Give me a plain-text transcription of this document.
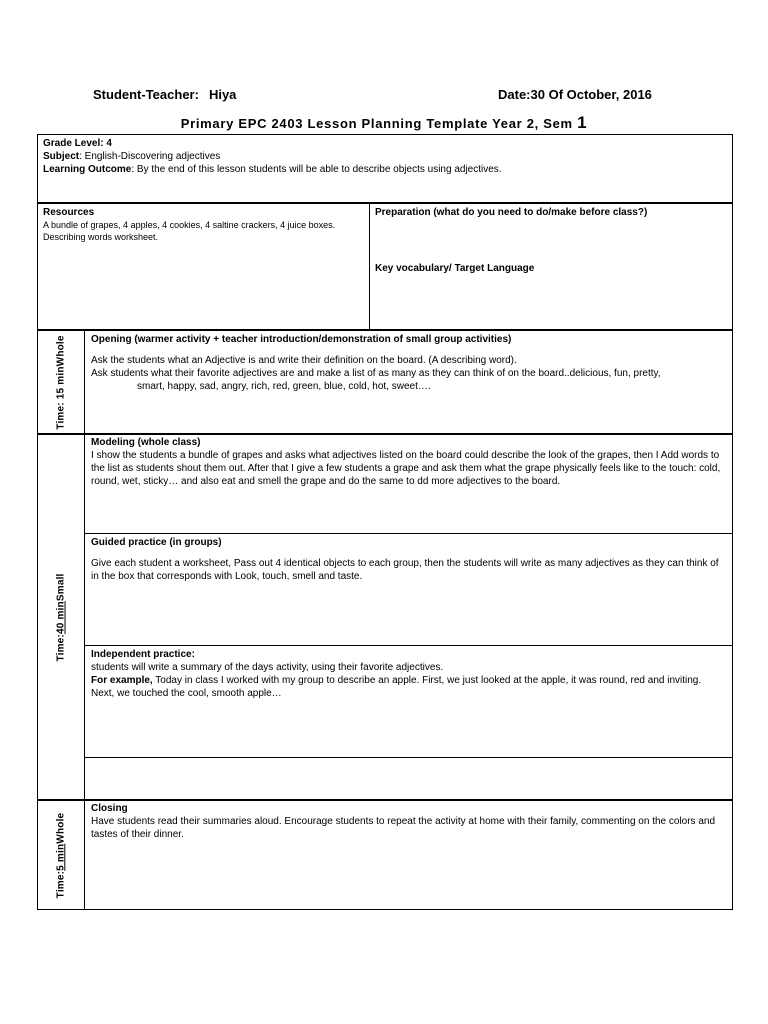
Student-Teacher: Hiya	Date:30 Of October, 2016
Primary EPC 2403 Lesson Planning Template Year 2, Sem 1
Grade Level: 4
Subject: English-Discovering adjectives
Learning Outcome: By the end of this lesson students will be able to describe objects using adjectives.
Resources
A bundle of grapes, 4 apples, 4 cookies, 4 saltine crackers, 4 juice boxes.
Describing words worksheet.
Preparation (what do you need to do/make before class?)
Key vocabulary/ Target Language
Time: 15 minWhole Opening (warmer activity + teacher introduction/demonstration of small group activities)
Ask the students what an Adjective is and write their definition on the board. (A describing word).
Ask students what their favorite adjectives are and make a list of as many as they can think of on the board..delicious, fun, pretty,
smart, happy, sad, angry, rich, red, green, blue, cold, hot, sweet….
Time:40 minSmall
Modeling (whole class)
I show the students a bundle of grapes and asks what adjectives listed on the board could describe the look of the grapes, then I Add words to the list as students shout them out. After that I give a few students a grape and ask them what the grape physically feels like to the touch: cold, round, wet, sticky… and also eat and smell the grape and do the same to dd more adjectives to the board.
Guided practice (in groups)
Give each student a worksheet, Pass out 4 identical objects to each group, then the students will write as many adjectives as they can think of in the box that corresponds with Look, touch, smell and taste.
Independent practice:
students will write a summary of the days activity, using their favorite adjectives.
For example, Today in class I worked with my group to describe an apple. First, we just looked at the apple, it was round, red and inviting. Next, we touched the cool, smooth apple…
Time:5 minWhole
Closing
Have students read their summaries aloud. Encourage students to repeat the activity at home with their family, commenting on the colors and tastes of their dinner.
